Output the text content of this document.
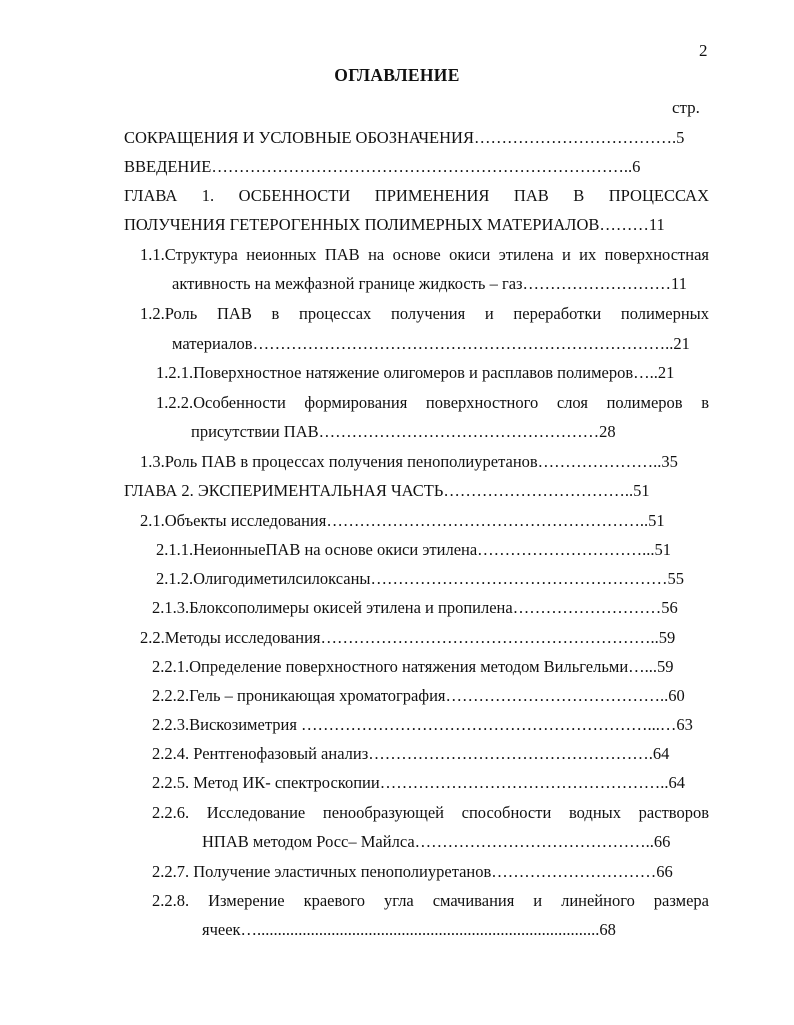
2
ОГЛАВЛЕНИЕ
стр.
СОКРАЩЕНИЯ И УСЛОВНЫЕ ОБОЗНАЧЕНИЯ……………………………….5
ВВЕДЕНИЕ…………………………………………………………………..6
ГЛАВА 1. ОСБЕННОСТИ ПРИМЕНЕНИЯ ПАВ В ПРОЦЕССАХ
ПОЛУЧЕНИЯ ГЕТЕРОГЕННЫХ ПОЛИМЕРНЫХ МАТЕРИАЛОВ………11
1.1.Структура неионных ПАВ на основе окиси этилена и их поверхностная
активность на межфазной границе жидкость – газ………………………11
1.2.Роль ПАВ в процессах получения и переработки полимерных
материалов…………………………………………………………………..21
1.2.1.Поверхностное натяжение олигомеров и расплавов полимеров…..21
1.2.2.Особенности формирования поверхностного слоя полимеров в
присутствии ПАВ……………………………………………28
1.3.Роль ПАВ в процессах получения пенополиуретанов…………………..35
ГЛАВА 2. ЭКСПЕРИМЕНТАЛЬНАЯ ЧАСТЬ……………………………..51
2.1.Объекты исследования…………………………………………………..51
2.1.1.НеионныеПАВ на основе окиси этилена…………………………...51
2.1.2.Олигодиметилсилоксаны………………………………………………55
2.1.3.Блоксополимеры окисей этилена и пропилена………………………56
2.2.Методы исследования……………………………………………………..59
2.2.1.Определение поверхностного натяжения методом Вильгельми…...59
2.2.2.Гель – проникающая хроматография…………………………………..60
2.2.3.Вискозиметрия ………………………………………………………...…63
2.2.4. Рентгенофазовый анализ…………………………………………….64
2.2.5. Метод ИК- спектроскопии……………………………………………..64
2.2.6. Исследование пенообразующей способности водных растворов
НПАВ методом Росс– Майлса……………………………………..66
2.2.7. Получение эластичных пенополиуретанов…………………………66
2.2.8. Измерение краевого угла смачивания и линейного размера
ячеек…...................................................................................68
